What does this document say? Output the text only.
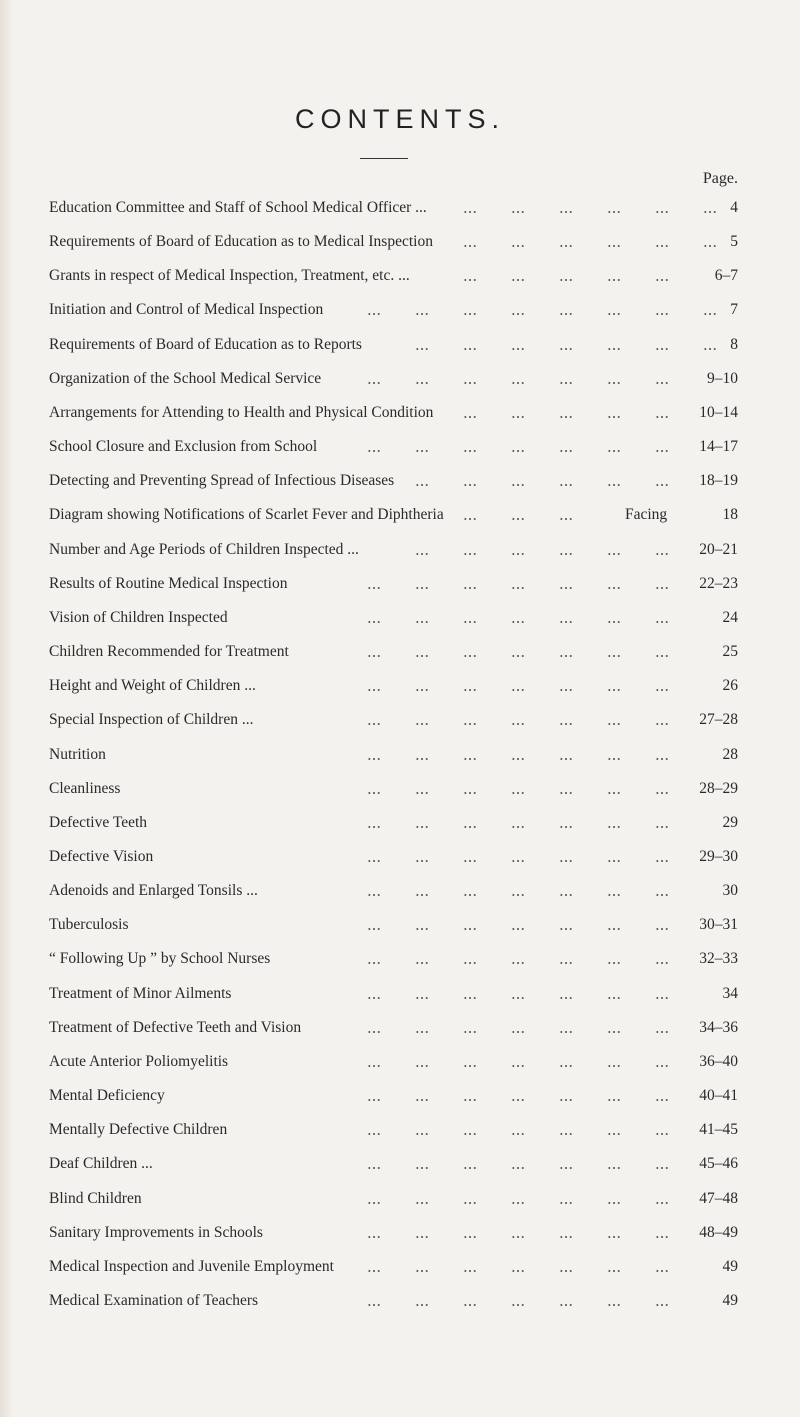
CONTENTS.
Page.
Education Committee and Staff of School Medical Officer ...	4
Requirements of Board of Education as to Medical Inspection	5
Grants in respect of Medical Inspection, Treatment, etc. ...	6–7
Initiation and Control of Medical Inspection	7
Requirements of Board of Education as to Reports	8
Organization of the School Medical Service	9–10
Arrangements for Attending to Health and Physical Condition	10–14
School Closure and Exclusion from School	14–17
Detecting and Preventing Spread of Infectious Diseases	18–19
Diagram showing Notifications of Scarlet Fever and Diphtheria	Facing	18
Number and Age Periods of Children Inspected ...	20–21
Results of Routine Medical Inspection	22–23
Vision of Children Inspected	24
Children Recommended for Treatment	25
Height and Weight of Children ...	26
Special Inspection of Children ...	27–28
Nutrition	28
Cleanliness	28–29
Defective Teeth	29
Defective Vision	29–30
Adenoids and Enlarged Tonsils ...	30
Tuberculosis	30–31
“ Following Up ” by School Nurses	32–33
Treatment of Minor Ailments	34
Treatment of Defective Teeth and Vision	34–36
Acute Anterior Poliomyelitis	36–40
Mental Deficiency	40–41
Mentally Defective Children	41–45
Deaf Children ...	45–46
Blind Children	47–48
Sanitary Improvements in Schools	48–49
Medical Inspection and Juvenile Employment	49
Medical Examination of Teachers	49
